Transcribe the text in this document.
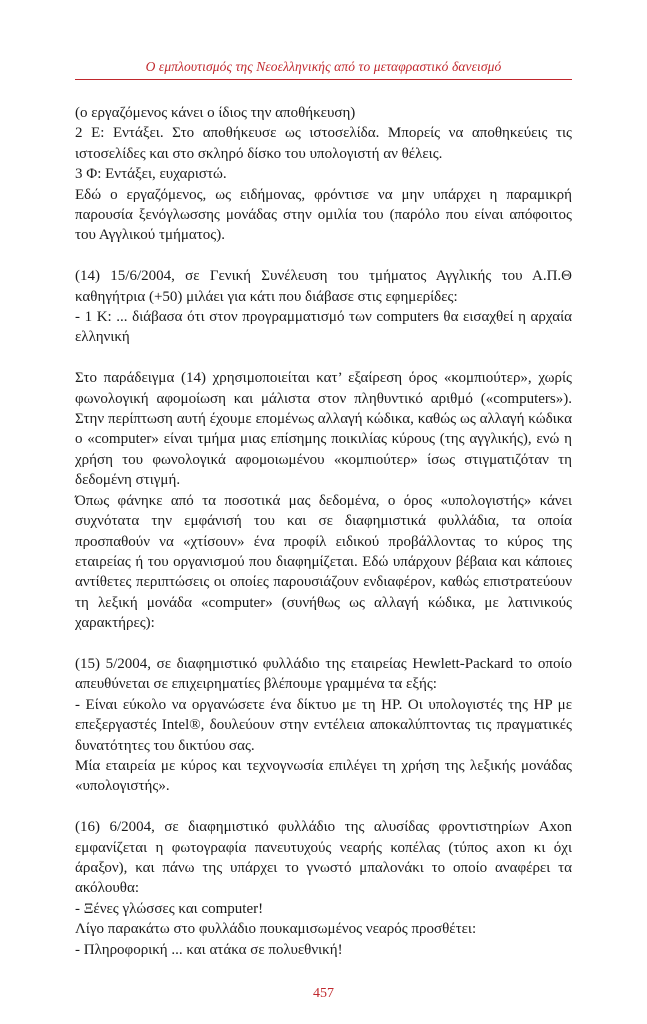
Ο εμπλουτισμός της Νεοελληνικής από το μεταφραστικό δανεισμό

(ο εργαζόμενος κάνει ο ίδιος την αποθήκευση)

2 Ε: Εντάξει. Στο αποθήκευσε ως ιστοσελίδα. Μπορείς να αποθηκεύεις τις ιστοσελίδες και στο σκληρό δίσκο του υπολογιστή αν θέλεις.

3 Φ: Εντάξει, ευχαριστώ.

Εδώ ο εργαζόμενος, ως ειδήμονας, φρόντισε να μην υπάρχει η παραμικρή παρουσία ξενόγλωσσης μονάδας στην ομιλία του (παρόλο που είναι απόφοιτος του Αγγλικού τμήματος).

(14) 15/6/2004, σε Γενική Συνέλευση του τμήματος Αγγλικής του Α.Π.Θ καθηγήτρια (+50) μιλάει για κάτι που διάβασε στις εφημερίδες:

- 1 Κ: ... διάβασα ότι στον προγραμματισμό των computers θα εισαχθεί η αρχαία ελληνική

Στο παράδειγμα (14) χρησιμοποιείται κατ’ εξαίρεση όρος «κομπιούτερ», χωρίς φωνολογική αφομοίωση και μάλιστα στον πληθυντικό αριθμό («computers»). Στην περίπτωση αυτή έχουμε επομένως αλλαγή κώδικα, καθώς ως αλλαγή κώδικα ο «computer» είναι τμήμα μιας επίσημης ποικιλίας κύρους (της αγγλικής), ενώ η χρήση του φωνολογικά αφομοιωμένου «κομπιούτερ» ίσως στιγματιζόταν τη δεδομένη στιγμή.

Όπως φάνηκε από τα ποσοτικά μας δεδομένα, ο όρος «υπολογιστής» κάνει συχνότατα την εμφάνισή του και σε διαφημιστικά φυλλάδια, τα οποία προσπαθούν να «χτίσουν» ένα προφίλ ειδικού προβάλλοντας το κύρος της εταιρείας ή του οργανισμού που διαφημίζεται. Εδώ υπάρχουν βέβαια και κάποιες αντίθετες περιπτώσεις οι οποίες παρουσιάζουν ενδιαφέρον, καθώς επιστρατεύουν τη λεξική μονάδα «computer» (συνήθως ως αλλαγή κώδικα, με λατινικούς χαρακτήρες):

(15) 5/2004, σε διαφημιστικό φυλλάδιο της εταιρείας Hewlett-Packard το οποίο απευθύνεται σε επιχειρηματίες βλέπουμε γραμμένα τα εξής:

- Είναι εύκολο να οργανώσετε ένα δίκτυο με τη HP. Οι υπολογιστές της HP με επεξεργαστές Intel®, δουλεύουν στην εντέλεια αποκαλύπτοντας τις πραγματικές δυνατότητες του δικτύου σας.

Μία εταιρεία με κύρος και τεχνογνωσία επιλέγει τη χρήση της λεξικής μονάδας «υπολογιστής».

(16) 6/2004, σε διαφημιστικό φυλλάδιο της αλυσίδας φροντιστηρίων Axon εμφανίζεται η φωτογραφία πανευτυχούς νεαρής κοπέλας (τύπος axon κι όχι άραξον), και πάνω της υπάρχει το γνωστό μπαλονάκι το οποίο αναφέρει τα ακόλουθα:

- Ξένες γλώσσες και computer!

Λίγο παρακάτω στο φυλλάδιο πουκαμισωμένος νεαρός προσθέτει:

- Πληροφορική ... και ατάκα σε πολυεθνική!

457
